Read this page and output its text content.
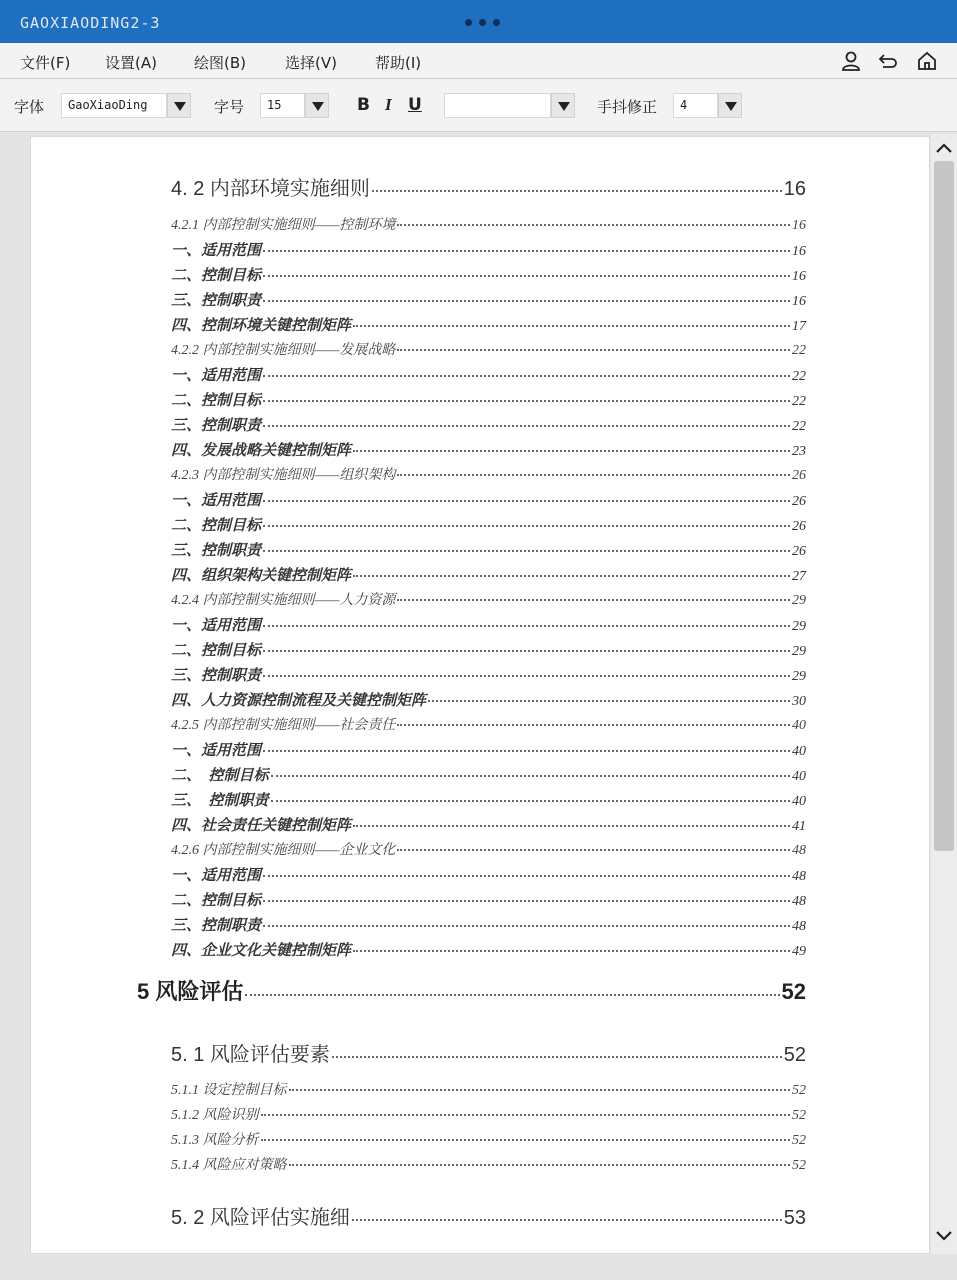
GAOXIAODING2-3
文件(F) 设置(A) 绘图(B)	选择(V)	帮助(I)
字体 GaoXiaoDing	字号 15	B I U	手抖修正 4
4. 2 内部环境实施细则	16
4.2.1 内部控制实施细则——控制环境	16
一、适用范围	16
二、控制目标	16
三、控制职责	16
四、控制环境关键控制矩阵	17
4.2.2 内部控制实施细则——发展战略	22
一、适用范围	22
二、控制目标	22
三、控制职责	22
四、发展战略关键控制矩阵	23
4.2.3 内部控制实施细则——组织架构	26
一、适用范围	26
二、控制目标	26
三、控制职责	26
四、组织架构关键控制矩阵	27
4.2.4 内部控制实施细则——人力资源	29
一、适用范围	29
二、控制目标	29
三、控制职责	29
四、人力资源控制流程及关键控制矩阵	30
4.2.5 内部控制实施细则——社会责任	40
一、适用范围	40
二、　控制目标	40
三、　控制职责	40
四、社会责任关键控制矩阵	41
4.2.6 内部控制实施细则——企业文化	48
一、适用范围	48
二、控制目标	48
三、控制职责	48
四、企业文化关键控制矩阵	49
5 风险评估	52
5. 1 风险评估要素	52
5.1.1 设定控制目标	52
5.1.2 风险识别	52
5.1.3 风险分析	52
5.1.4 风险应对策略	52
5. 2 风险评估实施细	53
